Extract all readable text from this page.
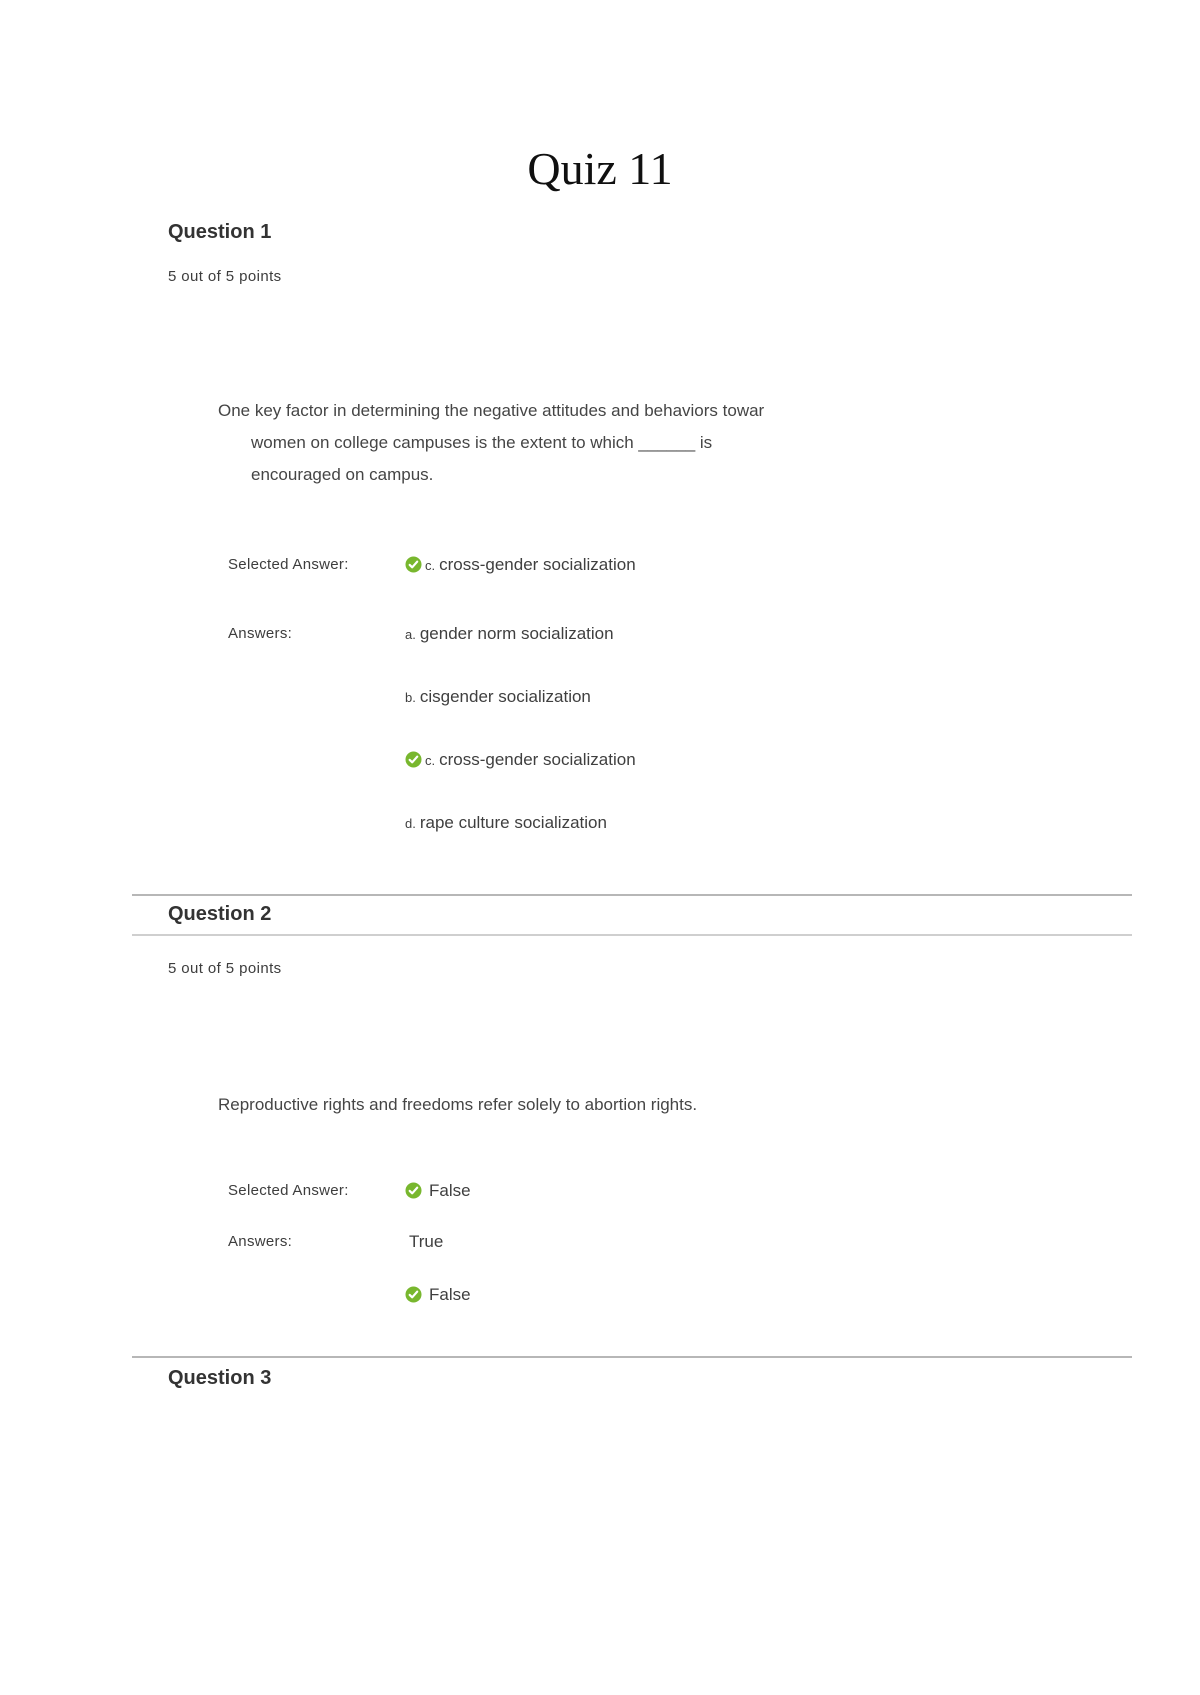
Quiz 11
Question 1
5 out of 5 points
One key factor in determining the negative attitudes and behaviors towar
women on college campuses is the extent to which ______ is
encouraged on campus.
Selected Answer:	c. cross-gender socialization
Answers:	a. gender norm socialization
b. cisgender socialization
c. cross-gender socialization
d. rape culture socialization
Question 2
5 out of 5 points
Reproductive rights and freedoms refer solely to abortion rights.
Selected Answer:	False
Answers:	True
False
Question 3
